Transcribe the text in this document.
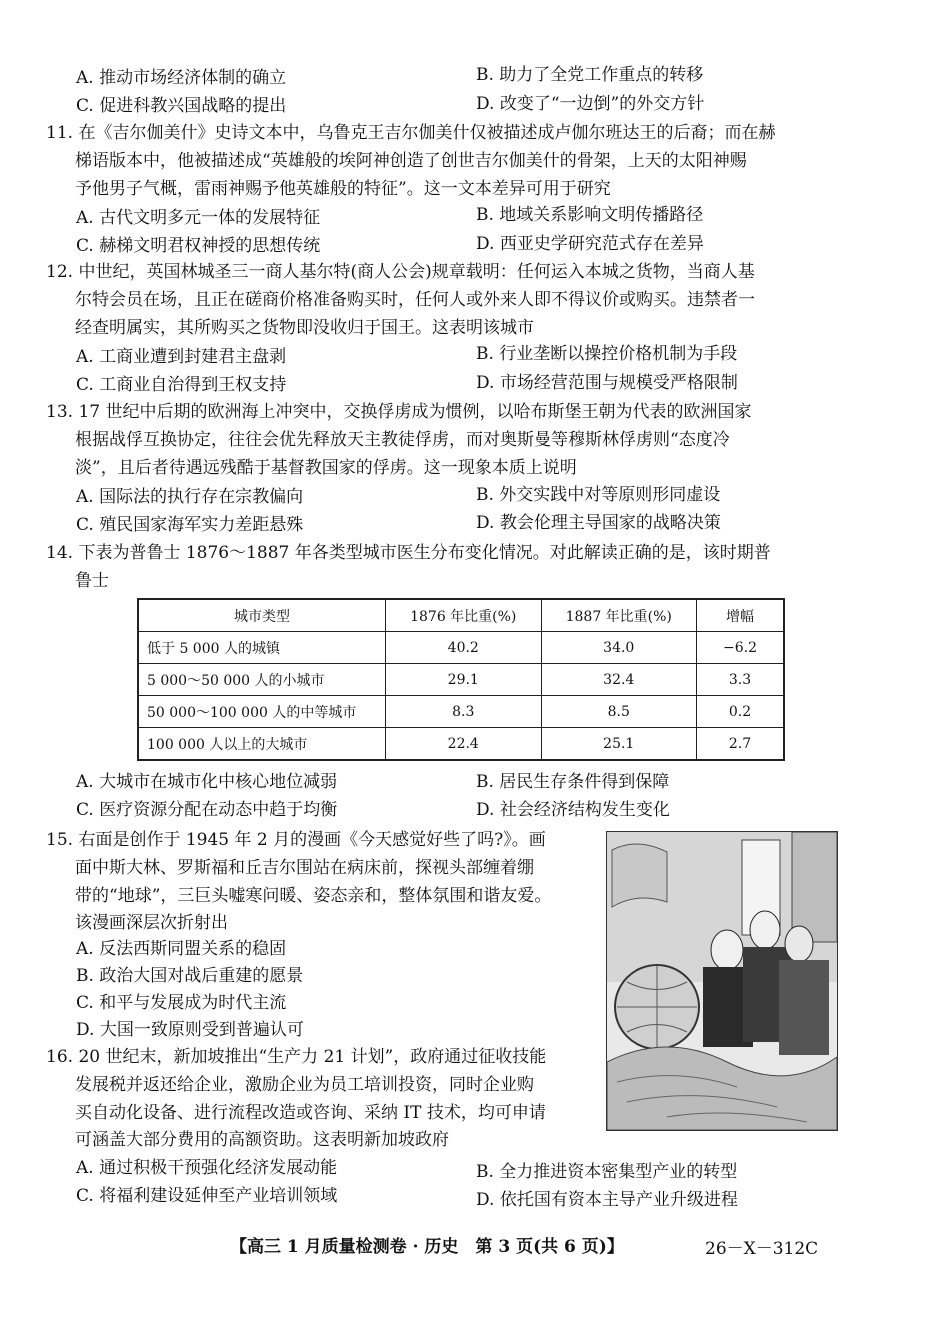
A. 推动市场经济体制的确立	B. 助力了全党工作重点的转移
C. 促进科教兴国战略的提出	D. 改变了“一边倒”的外交方针
11. 在《吉尔伽美什》史诗文本中，乌鲁克王吉尔伽美什仅被描述成卢伽尔班达王的后裔；而在赫
梯语版本中，他被描述成“英雄般的埃阿神创造了创世吉尔伽美什的骨架，上天的太阳神赐
予他男子气概，雷雨神赐予他英雄般的特征”。这一文本差异可用于研究
A. 古代文明多元一体的发展特征	B. 地域关系影响文明传播路径
C. 赫梯文明君权神授的思想传统	D. 西亚史学研究范式存在差异
12. 中世纪，英国林城圣三一商人基尔特(商人公会)规章载明：任何运入本城之货物，当商人基
尔特会员在场，且正在磋商价格准备购买时，任何人或外来人即不得议价或购买。违禁者一
经查明属实，其所购买之货物即没收归于国王。这表明该城市
A. 工商业遭到封建君主盘剥	B. 行业垄断以操控价格机制为手段
C. 工商业自治得到王权支持	D. 市场经营范围与规模受严格限制
13. 17 世纪中后期的欧洲海上冲突中，交换俘虏成为惯例，以哈布斯堡王朝为代表的欧洲国家
根据战俘互换协定，往往会优先释放天主教徒俘虏，而对奥斯曼等穆斯林俘虏则“态度冷
淡”，且后者待遇远残酷于基督教国家的俘虏。这一现象本质上说明
A. 国际法的执行存在宗教偏向	B. 外交实践中对等原则形同虚设
C. 殖民国家海军实力差距悬殊	D. 教会伦理主导国家的战略决策
14. 下表为普鲁士 1876～1887 年各类型城市医生分布变化情况。对此解读正确的是，该时期普
鲁士
城市类型	1876 年比重(%)	1887 年比重(%)	增幅
低于 5 000 人的城镇	40.2	34.0	−6.2
5 000～50 000 人的小城市	29.1	32.4	3.3
50 000～100 000 人的中等城市	8.3	8.5	0.2
100 000 人以上的大城市	22.4	25.1	2.7
A. 大城市在城市化中核心地位减弱	B. 居民生存条件得到保障
C. 医疗资源分配在动态中趋于均衡	D. 社会经济结构发生变化
15. 右面是创作于 1945 年 2 月的漫画《今天感觉好些了吗?》。画
面中斯大林、罗斯福和丘吉尔围站在病床前，探视头部缠着绷
带的“地球”，三巨头嘘寒问暖、姿态亲和，整体氛围和谐友爱。
该漫画深层次折射出
A. 反法西斯同盟关系的稳固
B. 政治大国对战后重建的愿景
C. 和平与发展成为时代主流
D. 大国一致原则受到普遍认可
16. 20 世纪末，新加坡推出“生产力 21 计划”，政府通过征收技能
发展税并返还给企业，激励企业为员工培训投资，同时企业购
买自动化设备、进行流程改造或咨询、采纳 IT 技术，均可申请
可涵盖大部分费用的高额资助。这表明新加坡政府
A. 通过积极干预强化经济发展动能	B. 全力推进资本密集型产业的转型
C. 将福利建设延伸至产业培训领域	D. 依托国有资本主导产业升级进程
【高三 1 月质量检测卷 · 历史　第 3 页(共 6 页)】	26－X－312C
